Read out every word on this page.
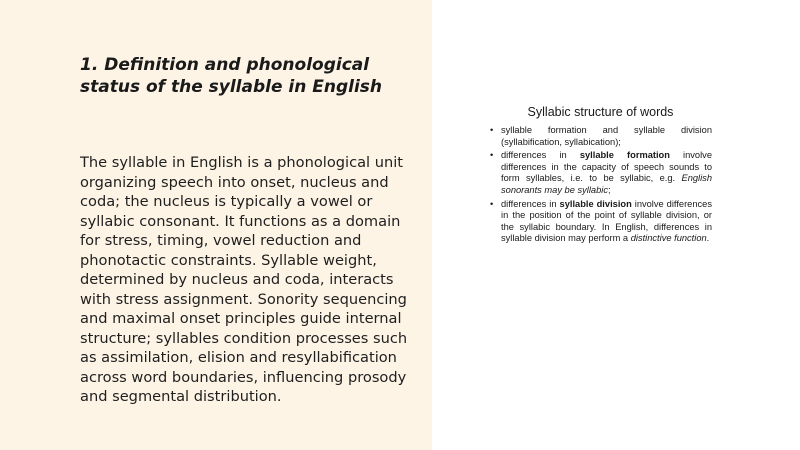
1. Definition and phonological status of the syllable in English

The syllable in English is a phonological unit organizing speech into onset, nucleus and coda; the nucleus is typically a vowel or syllabic consonant. It functions as a domain for stress, timing, vowel reduction and phonotactic constraints. Syllable weight, determined by nucleus and coda, interacts with stress assignment. Sonority sequencing and maximal onset principles guide internal structure; syllables condition processes such as assimilation, elision and resyllabification across word boundaries, influencing prosody and segmental distribution.

Syllabic structure of words
• syllable formation and syllable division (syllabification, syllabication);
• differences in syllable formation involve differences in the capacity of speech sounds to form syllables, i.e. to be syllabic, e.g. English sonorants may be syllabic;
• differences in syllable division involve differences in the position of the point of syllable division, or the syllabic boundary. In English, differences in syllable division may perform a distinctive function.
